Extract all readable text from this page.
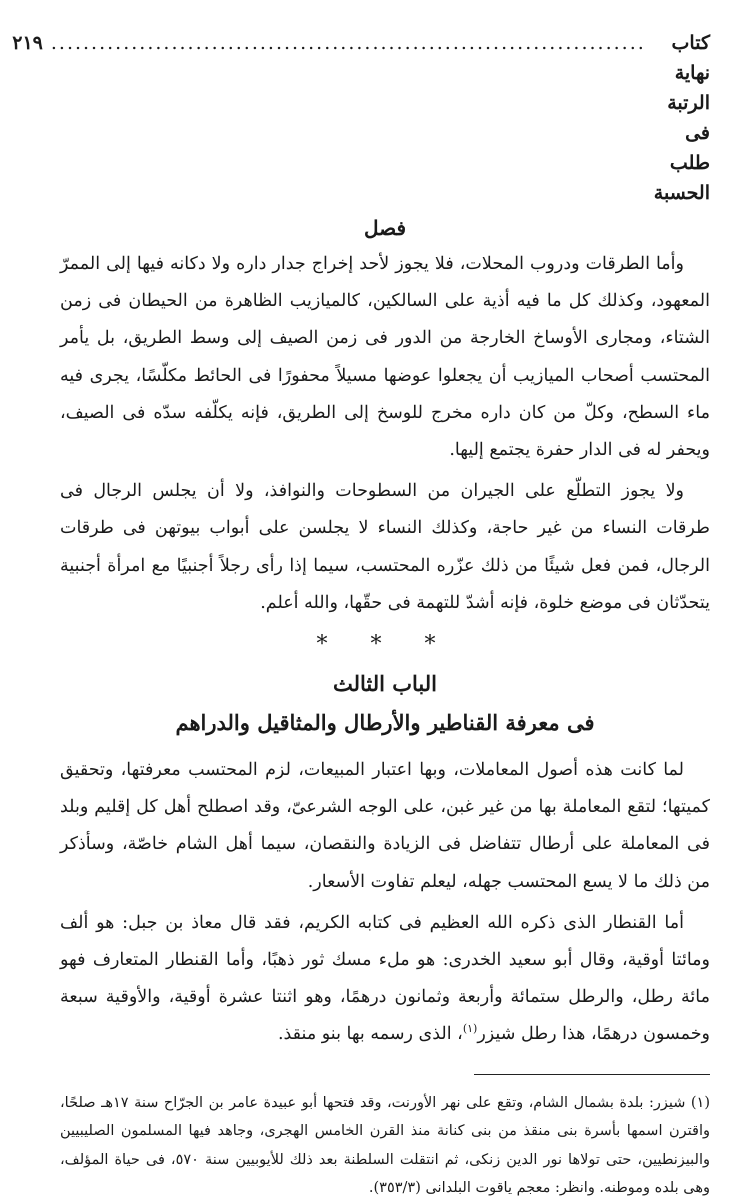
كتاب نهاية الرتبة فى طلب الحسبة
..........................................................................
٢١٩
فصل

وأما الطرقات ودروب المحلات، فلا يجوز لأحد إخراج جدار داره ولا دكانه فيها إلى الممرّ المعهود، وكذلك كل ما فيه أذية على السالكين، كالميازيب الظاهرة من الحيطان فى زمن الشتاء، ومجارى الأوساخ الخارجة من الدور فى زمن الصيف إلى وسط الطريق، بل يأمر المحتسب أصحاب الميازيب أن يجعلوا عوضها مسيلاً محفورًا فى الحائط مكلّسًا، يجرى فيه ماء السطح، وكلّ من كان داره مخرج للوسخ إلى الطريق، فإنه يكلّفه سدّه فى الصيف، ويحفر له فى الدار حفرة يجتمع إليها.

ولا يجوز التطلّع على الجيران من السطوحات والنوافذ، ولا أن يجلس الرجال فى طرقات النساء من غير حاجة، وكذلك النساء لا يجلسن على أبواب بيوتهن فى طرقات الرجال، فمن فعل شيئًا من ذلك عزّره المحتسب، سيما إذا رأى رجلاً أجنبيًا مع امرأة أجنبية يتحدّثان فى موضع خلوة، فإنه أشدّ للتهمة فى حقّها، والله أعلم.

* * *
الباب الثالث
فى معرفة القناطير والأرطال والمثاقيل والدراهم

لما كانت هذه أصول المعاملات، وبها اعتبار المبيعات، لزم المحتسب معرفتها، وتحقيق كميتها؛ لتقع المعاملة بها من غير غبن، على الوجه الشرعىّ، وقد اصطلح أهل كل إقليم وبلد فى المعاملة على أرطال تتفاضل فى الزيادة والنقصان، سيما أهل الشام خاصّة، وسأذكر من ذلك ما لا يسع المحتسب جهله، ليعلم تفاوت الأسعار.

أما القنطار الذى ذكره الله العظيم فى كتابه الكريم، فقد قال معاذ بن جبل: هو ألف ومائتا أوقية، وقال أبو سعيد الخدرى: هو ملء مسك ثور ذهبًا، وأما القنطار المتعارف فهو مائة رطل، والرطل ستمائة وأربعة وثمانون درهمًا، وهو اثنتا عشرة أوقية، والأوقية سبعة وخمسون درهمًا، هذا رطل شيزر$^{(١)}$، الذى رسمه بها بنو منقذ.

(١) شيزر: بلدة بشمال الشام، وتقع على نهر الأورنت، وقد فتحها أبو عبيدة عامر بن الجرّاح سنة ١٧هـ صلحًا، واقترن اسمها بأسرة بنى منقذ من بنى كنانة منذ القرن الخامس الهجرى، وجاهد فيها المسلمون الصليبيين والبيزنطيين، حتى تولاها نور الدين زنكى، ثم انتقلت السلطنة بعد ذلك للأيوبيين سنة ٥٧٠، فى حياة المؤلف، وهى بلده وموطنه. وانظر: معجم ياقوت البلدانى (٣٥٣/٣).
